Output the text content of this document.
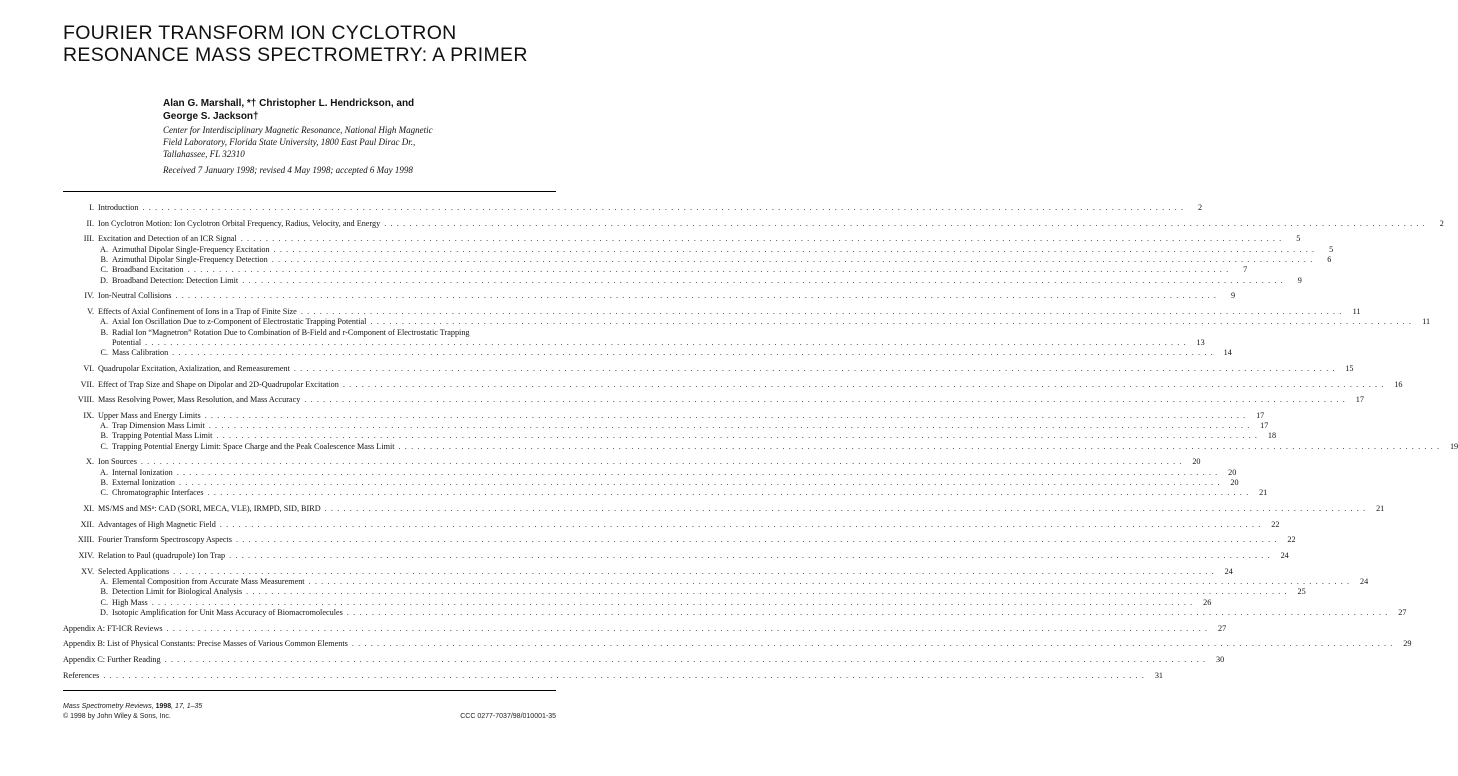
FOURIER TRANSFORM ION CYCLOTRON
RESONANCE MASS SPECTROMETRY: A PRIMER
Alan G. Marshall, *† Christopher L. Hendrickson, and
George S. Jackson†
Center for Interdisciplinary Magnetic Resonance, National High Magnetic
Field Laboratory, Florida State University, 1800 East Paul Dirac Dr.,
Tallahassee, FL 32310
Received 7 January 1998; revised 4 May 1998; accepted 6 May 1998
I. Introduction . . .	2
II. Ion Cyclotron Motion: Ion Cyclotron Orbital Frequency, Radius, Velocity, and Energy . . .	2
III. Excitation and Detection of an ICR Signal . . .	5
A. Azimuthal Dipolar Single-Frequency Excitation . . .	5
B. Azimuthal Dipolar Single-Frequency Detection . . .	6
C. Broadband Excitation . . .	7
D. Broadband Detection: Detection Limit . . .	9
IV. Ion-Neutral Collisions . . .	9
V. Effects of Axial Confinement of Ions in a Trap of Finite Size . . .	11
A. Axial Ion Oscillation Due to z-Component of Electrostatic Trapping Potential . . .	11
B. Radial Ion “Magnetron” Rotation Due to Combination of B-Field and r-Component of Electrostatic Trapping
Potential . . .	13
C. Mass Calibration . . .	14
VI. Quadrupolar Excitation, Axialization, and Remeasurement . . .	15
VII. Effect of Trap Size and Shape on Dipolar and 2D-Quadrupolar Excitation . . .	16
VIII. Mass Resolving Power, Mass Resolution, and Mass Accuracy . . .	17
IX. Upper Mass and Energy Limits . . .	17
A. Trap Dimension Mass Limit . . .	17
B. Trapping Potential Mass Limit . . .	18
C. Trapping Potential Energy Limit: Space Charge and the Peak Coalescence Mass Limit . . .	19
X. Ion Sources . . .	20
A. Internal Ionization . . .	20
B. External Ionization . . .	20
C. Chromatographic Interfaces . . .	21
XI. MS/MS and MSⁿ: CAD (SORI, MECA, VLE), IRMPD, SID, BIRD . . .	21
XII. Advantages of High Magnetic Field . . .	22
XIII. Fourier Transform Spectroscopy Aspects . . .	22
XIV. Relation to Paul (quadrupole) Ion Trap . . .	24
XV. Selected Applications . . .	24
A. Elemental Composition from Accurate Mass Measurement . . .	24
B. Detection Limit for Biological Analysis . . .	25
C. High Mass . . .	26
D. Isotopic Amplification for Unit Mass Accuracy of Biomacromolecules . . .	27
Appendix A: FT-ICR Reviews . . .	27
Appendix B: List of Physical Constants: Precise Masses of Various Common Elements . . .	29
Appendix C: Further Reading . . .	30
References . . .	31
Mass Spectrometry Reviews, 1998, 17, 1–35
© 1998 by John Wiley & Sons, Inc.	CCC 0277-7037/98/010001-35
